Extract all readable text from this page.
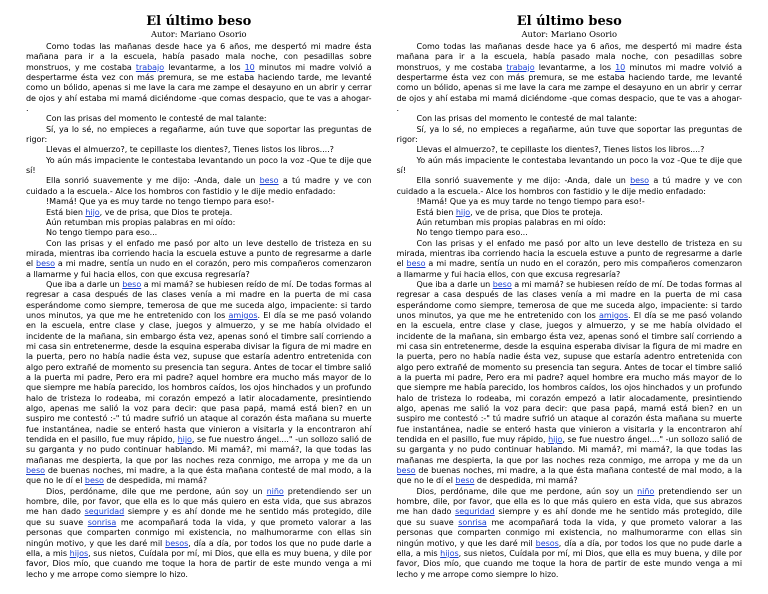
El último beso
Autor: Mariano Osorio

Como todas las mañanas desde hace ya 6 años, me despertó mi madre ésta mañana para ir a la escuela, había pasado mala noche, con pesadillas sobre monstruos, y me costaba trabajo levantarme, a los 10 minutos mi madre volvió a despertarme ésta vez con más premura, se me estaba haciendo tarde, me levanté como un bólido, apenas si me lave la cara me zampe el desayuno en un abrir y cerrar de ojos y ahí estaba mi mamá diciéndome -que comas despacio, que te vas a ahogar- .

Con las prisas del momento le contesté de mal talante:

Sí, ya lo sé, no empieces a regañarme, aún tuve que soportar las preguntas de rigor:

Llevas el almuerzo?, te cepillaste los dientes?, Tienes listos los libros....?

Yo aún más impaciente le contestaba levantando un poco la voz -Que te dije que sí!

Ella sonrió suavemente y me dijo: -Anda, dale un beso a tú madre y ve con cuidado a la escuela.- Alce los hombros con fastidio y le dije medio enfadado:

!Mamá! Que ya es muy tarde no tengo tiempo para eso!-

Está bien hijo, ve de prisa, que Dios te proteja.

Aún retumban mis propias palabras en mi oído:

No tengo tiempo para eso...

Con las prisas y el enfado me pasó por alto un leve destello de tristeza en su mirada, mientras iba corriendo hacia la escuela estuve a punto de regresarme a darle el beso a mi madre, sentía un nudo en el corazón, pero mis compañeros comenzaron a llamarme y fui hacia ellos, con que excusa regresaría?

Que iba a darle un beso a mi mamá? se hubiesen reído de mí. De todas formas al regresar a casa después de las clases venía a mi madre en la puerta de mi casa esperándome como siempre, temerosa de que me suceda algo, impaciente: si tardo unos minutos, ya que me he entretenido con los amigos. El día se me pasó volando en la escuela, entre clase y clase, juegos y almuerzo, y se me había olvidado el incidente de la mañana, sin embargo ésta vez, apenas sonó el timbre salí corriendo a mi casa sin entretenerme, desde la esquina esperaba divisar la figura de mi madre en la puerta, pero no había nadie ésta vez, supuse que estaría adentro entretenida con algo pero extrañé de momento su presencia tan segura. Antes de tocar el timbre salió a la puerta mi padre, Pero era mi padre? aquel hombre era mucho más mayor de lo que siempre me había parecido, los hombros caídos, los ojos hinchados y un profundo halo de tristeza lo rodeaba, mi corazón empezó a latir alocadamente, presintiendo algo, apenas me salió la voz para decir: que pasa papá, mamá está bien? en un suspiro me contestó :-" tú madre sufrió un ataque al corazón ésta mañana su muerte fue instantánea, nadie se enteró hasta que vinieron a visitarla y la encontraron ahí tendida en el pasillo, fue muy rápido, hijo, se fue nuestro ángel...." -un sollozo salió de su garganta y no pudo continuar hablando. Mi mamá?, mi mamá?, la que todas las mañanas me despierta, la que por las noches reza conmigo, me arropa y me da un beso de buenas noches, mi madre, a la que ésta mañana contesté de mal modo, a la que no le dí el beso de despedida, mi mamá?

Dios, perdóname, dile que me perdone, aún soy un niño pretendiendo ser un hombre, dile, por favor, que ella es lo que más quiero en esta vida, que sus abrazos me han dado seguridad siempre y es ahí donde me he sentido más protegido, dile que su suave sonrisa me acompañará toda la vida, y que prometo valorar a las personas que comparten conmigo mi existencia, no malhumorarme con ellas sin ningún motivo, y que les daré mil besos, día a día, por todos los que no pude darle a ella, a mis hijos, sus nietos, Cuídala por mí, mi Dios, que ella es muy buena, y dile por favor, Dios mío, que cuando me toque la hora de partir de este mundo venga a mi lecho y me arrope como siempre lo hizo.

El último beso
Autor: Mariano Osorio

Como todas las mañanas desde hace ya 6 años, me despertó mi madre ésta mañana para ir a la escuela, había pasado mala noche, con pesadillas sobre monstruos, y me costaba trabajo levantarme, a los 10 minutos mi madre volvió a despertarme ésta vez con más premura, se me estaba haciendo tarde, me levanté como un bólido, apenas si me lave la cara me zampe el desayuno en un abrir y cerrar de ojos y ahí estaba mi mamá diciéndome -que comas despacio, que te vas a ahogar- .

Con las prisas del momento le contesté de mal talante:

Sí, ya lo sé, no empieces a regañarme, aún tuve que soportar las preguntas de rigor:

Llevas el almuerzo?, te cepillaste los dientes?, Tienes listos los libros....?

Yo aún más impaciente le contestaba levantando un poco la voz -Que te dije que sí!

Ella sonrió suavemente y me dijo: -Anda, dale un beso a tú madre y ve con cuidado a la escuela.- Alce los hombros con fastidio y le dije medio enfadado:

!Mamá! Que ya es muy tarde no tengo tiempo para eso!-

Está bien hijo, ve de prisa, que Dios te proteja.

Aún retumban mis propias palabras en mi oído:

No tengo tiempo para eso...

Con las prisas y el enfado me pasó por alto un leve destello de tristeza en su mirada, mientras iba corriendo hacia la escuela estuve a punto de regresarme a darle el beso a mi madre, sentía un nudo en el corazón, pero mis compañeros comenzaron a llamarme y fui hacia ellos, con que excusa regresaría?

Que iba a darle un beso a mi mamá? se hubiesen reído de mí. De todas formas al regresar a casa después de las clases venía a mi madre en la puerta de mi casa esperándome como siempre, temerosa de que me suceda algo, impaciente: si tardo unos minutos, ya que me he entretenido con los amigos. El día se me pasó volando en la escuela, entre clase y clase, juegos y almuerzo, y se me había olvidado el incidente de la mañana, sin embargo ésta vez, apenas sonó el timbre salí corriendo a mi casa sin entretenerme, desde la esquina esperaba divisar la figura de mi madre en la puerta, pero no había nadie ésta vez, supuse que estaría adentro entretenida con algo pero extrañé de momento su presencia tan segura. Antes de tocar el timbre salió a la puerta mi padre, Pero era mi padre? aquel hombre era mucho más mayor de lo que siempre me había parecido, los hombros caídos, los ojos hinchados y un profundo halo de tristeza lo rodeaba, mi corazón empezó a latir alocadamente, presintiendo algo, apenas me salió la voz para decir: que pasa papá, mamá está bien? en un suspiro me contestó :-" tú madre sufrió un ataque al corazón ésta mañana su muerte fue instantánea, nadie se enteró hasta que vinieron a visitarla y la encontraron ahí tendida en el pasillo, fue muy rápido, hijo, se fue nuestro ángel...." -un sollozo salió de su garganta y no pudo continuar hablando. Mi mamá?, mi mamá?, la que todas las mañanas me despierta, la que por las noches reza conmigo, me arropa y me da un beso de buenas noches, mi madre, a la que ésta mañana contesté de mal modo, a la que no le dí el beso de despedida, mi mamá?

Dios, perdóname, dile que me perdone, aún soy un niño pretendiendo ser un hombre, dile, por favor, que ella es lo que más quiero en esta vida, que sus abrazos me han dado seguridad siempre y es ahí donde me he sentido más protegido, dile que su suave sonrisa me acompañará toda la vida, y que prometo valorar a las personas que comparten conmigo mi existencia, no malhumorarme con ellas sin ningún motivo, y que les daré mil besos, día a día, por todos los que no pude darle a ella, a mis hijos, sus nietos, Cuídala por mí, mi Dios, que ella es muy buena, y dile por favor, Dios mío, que cuando me toque la hora de partir de este mundo venga a mi lecho y me arrope como siempre lo hizo.
